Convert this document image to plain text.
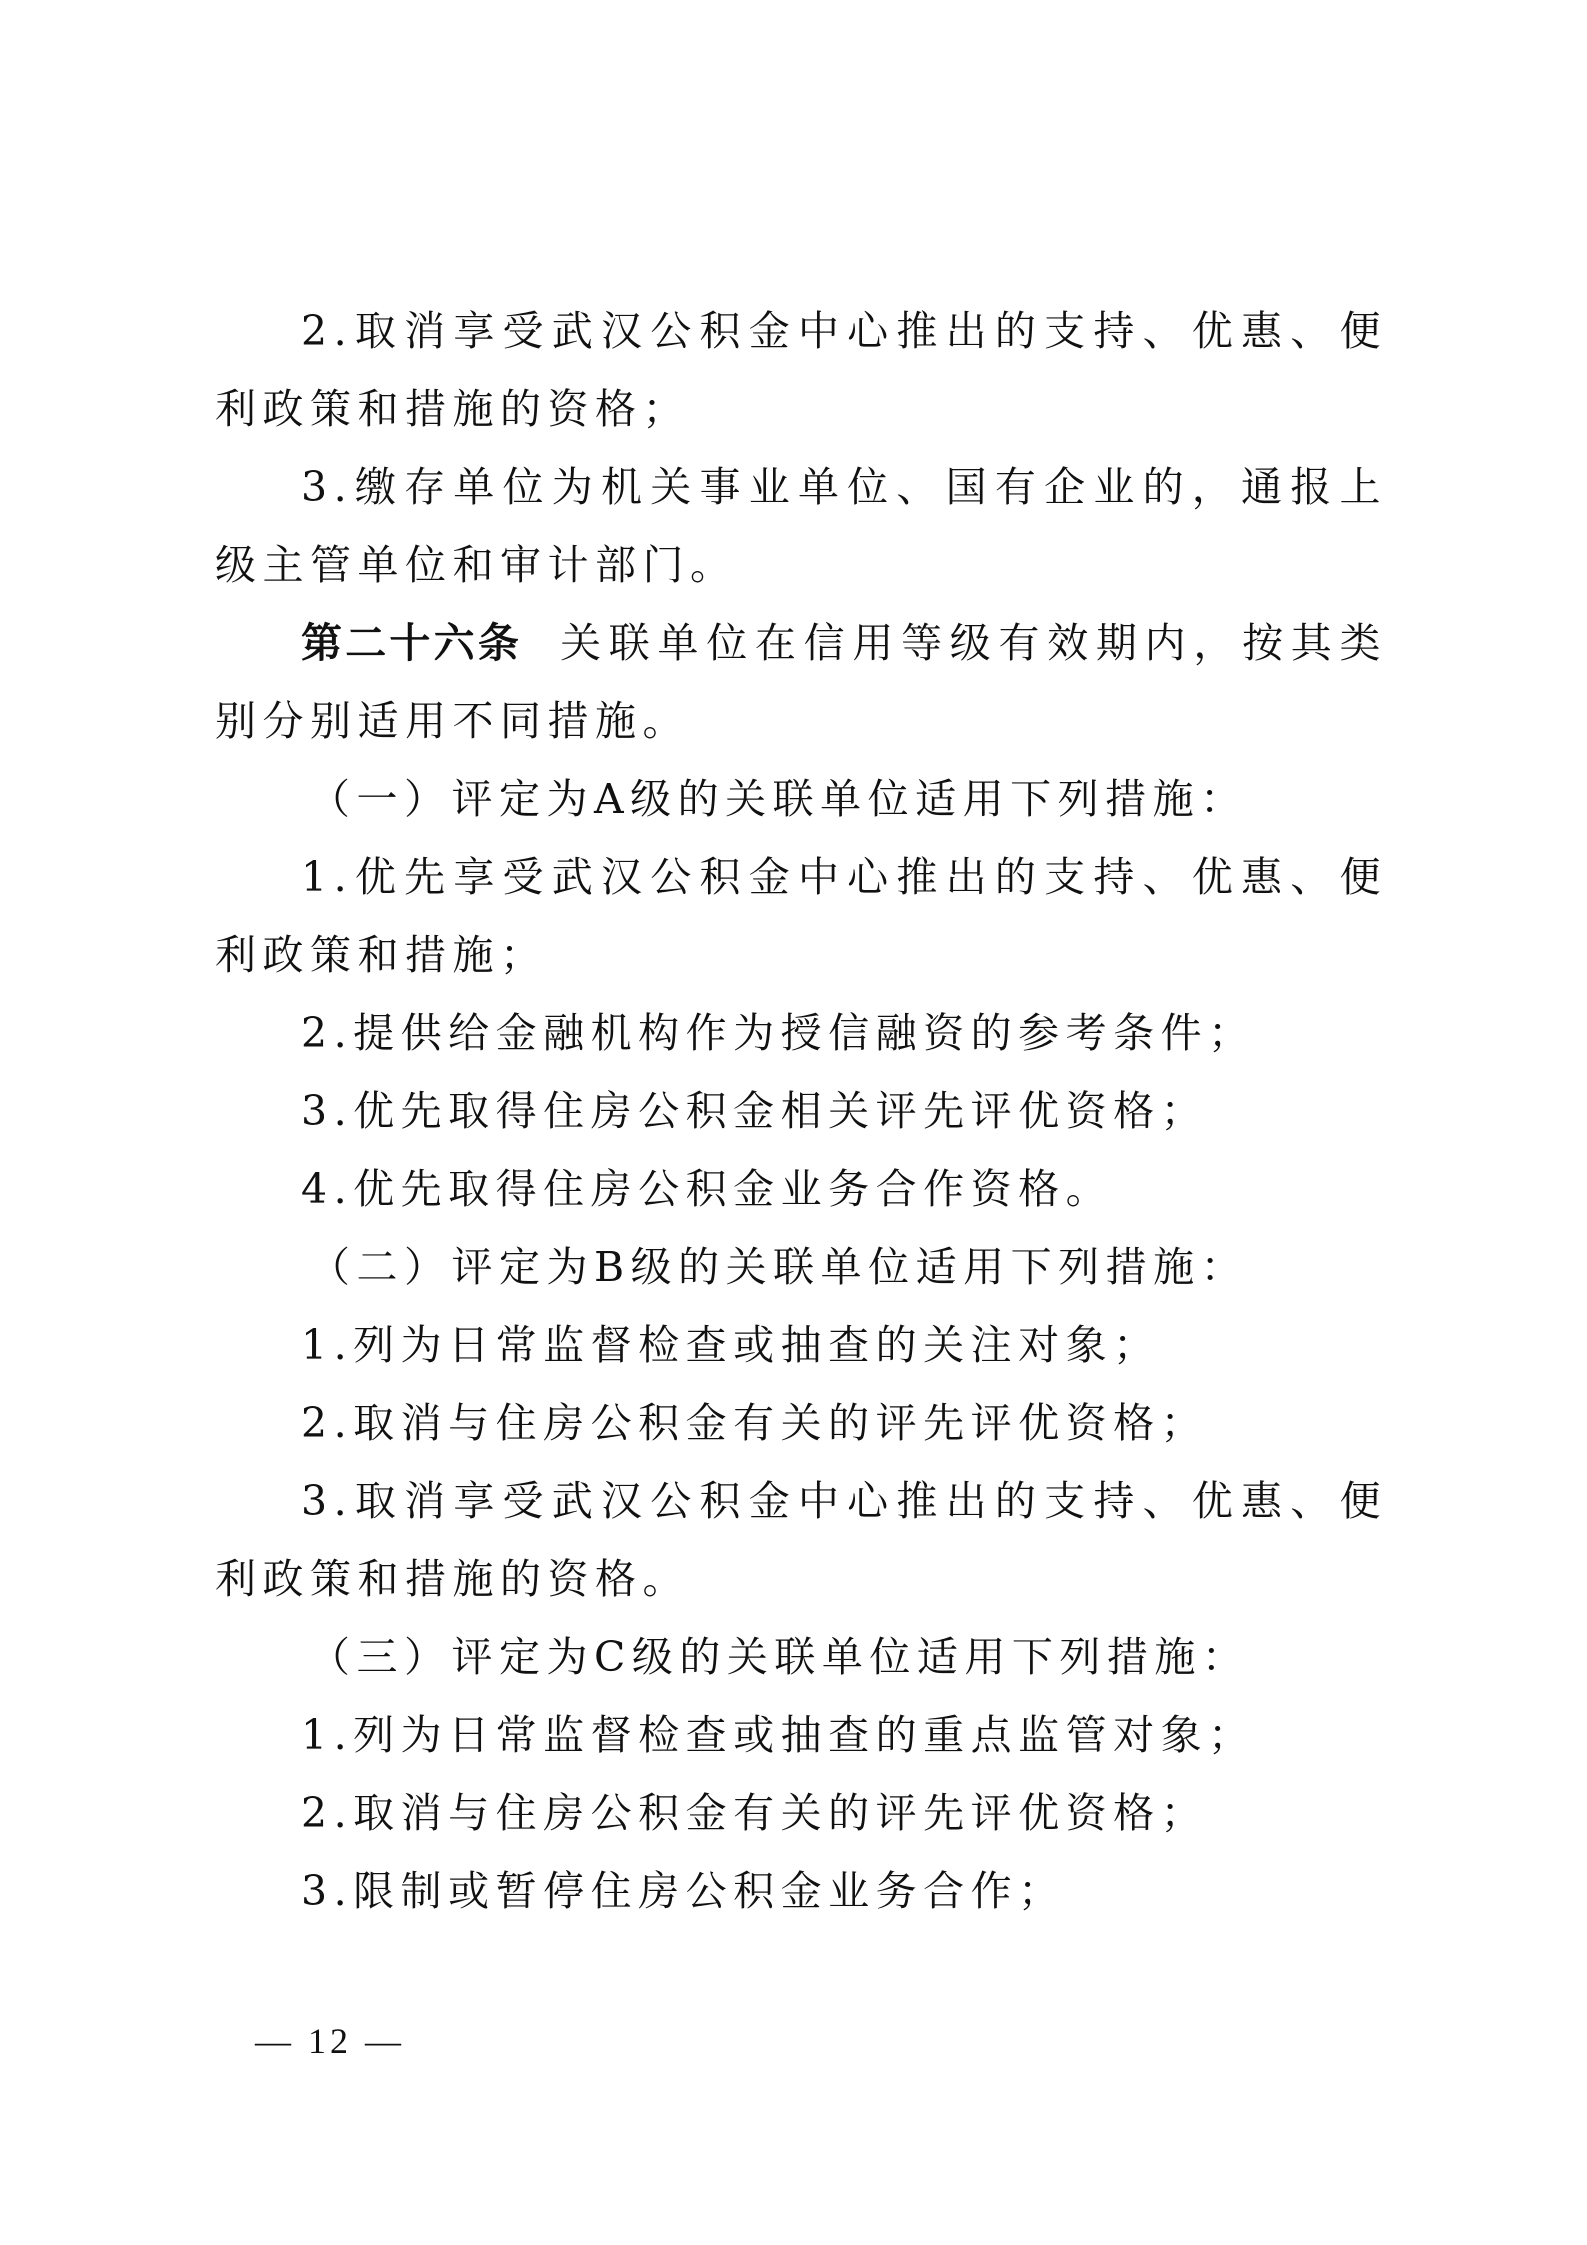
2.取消享受武汉公积金中心推出的支持、优惠、便利政策和措施的资格；

3.缴存单位为机关事业单位、国有企业的，通报上级主管单位和审计部门。

第二十六条 关联单位在信用等级有效期内，按其类别分别适用不同措施。

（一）评定为A级的关联单位适用下列措施：

1.优先享受武汉公积金中心推出的支持、优惠、便利政策和措施；

2.提供给金融机构作为授信融资的参考条件；

3.优先取得住房公积金相关评先评优资格；

4.优先取得住房公积金业务合作资格。

（二）评定为B级的关联单位适用下列措施：

1.列为日常监督检查或抽查的关注对象；

2.取消与住房公积金有关的评先评优资格；

3.取消享受武汉公积金中心推出的支持、优惠、便利政策和措施的资格。

（三）评定为C级的关联单位适用下列措施：

1.列为日常监督检查或抽查的重点监管对象；

2.取消与住房公积金有关的评先评优资格；

3.限制或暂停住房公积金业务合作；

— 12 —
